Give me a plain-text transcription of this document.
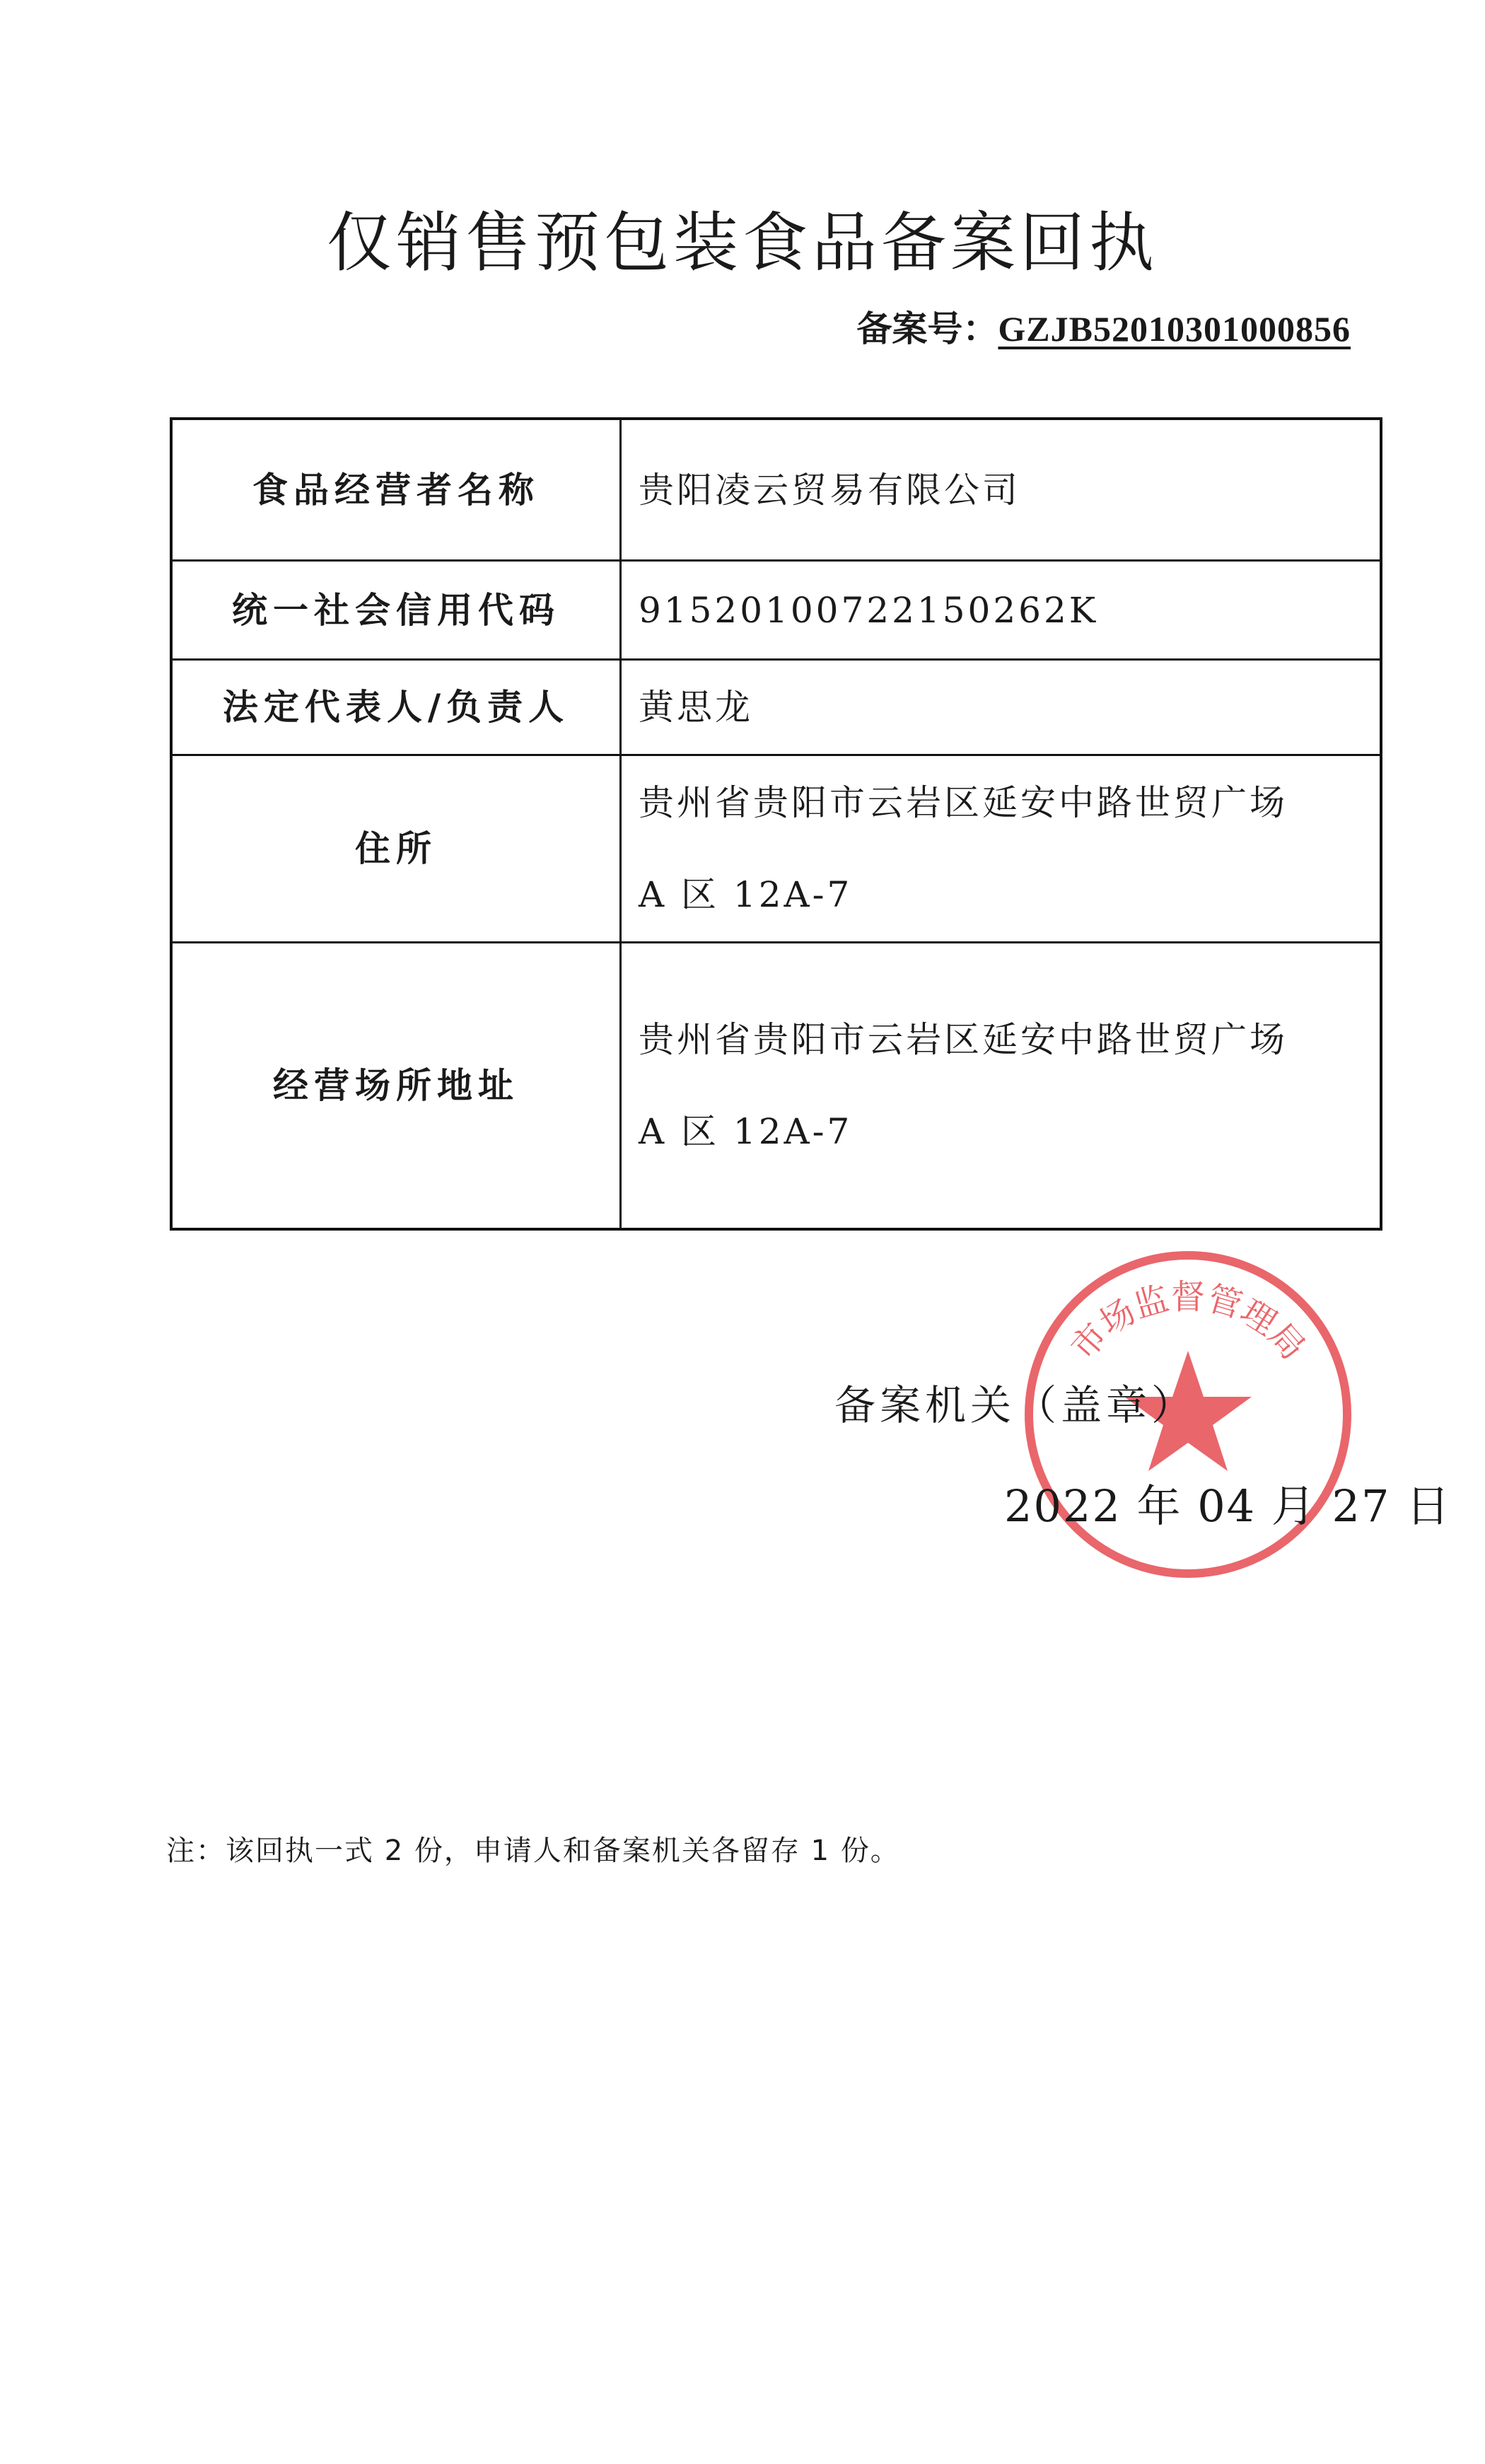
仅销售预包装食品备案回执
备案号：GZJB52010301000856
食品经营者名称	贵阳凌云贸易有限公司
统一社会信用代码	91520100722150262K
法定代表人/负责人	黄思龙
住所	贵州省贵阳市云岩区延安中路世贸广场
A 区 12A-7

经营场所地址	贵州省贵阳市云岩区延安中路世贸广场
A 区 12A-7
市场监督管理局
备案机关（盖章）
2022 年 04 月 27 日
注：该回执一式 2 份，申请人和备案机关各留存 1 份。
